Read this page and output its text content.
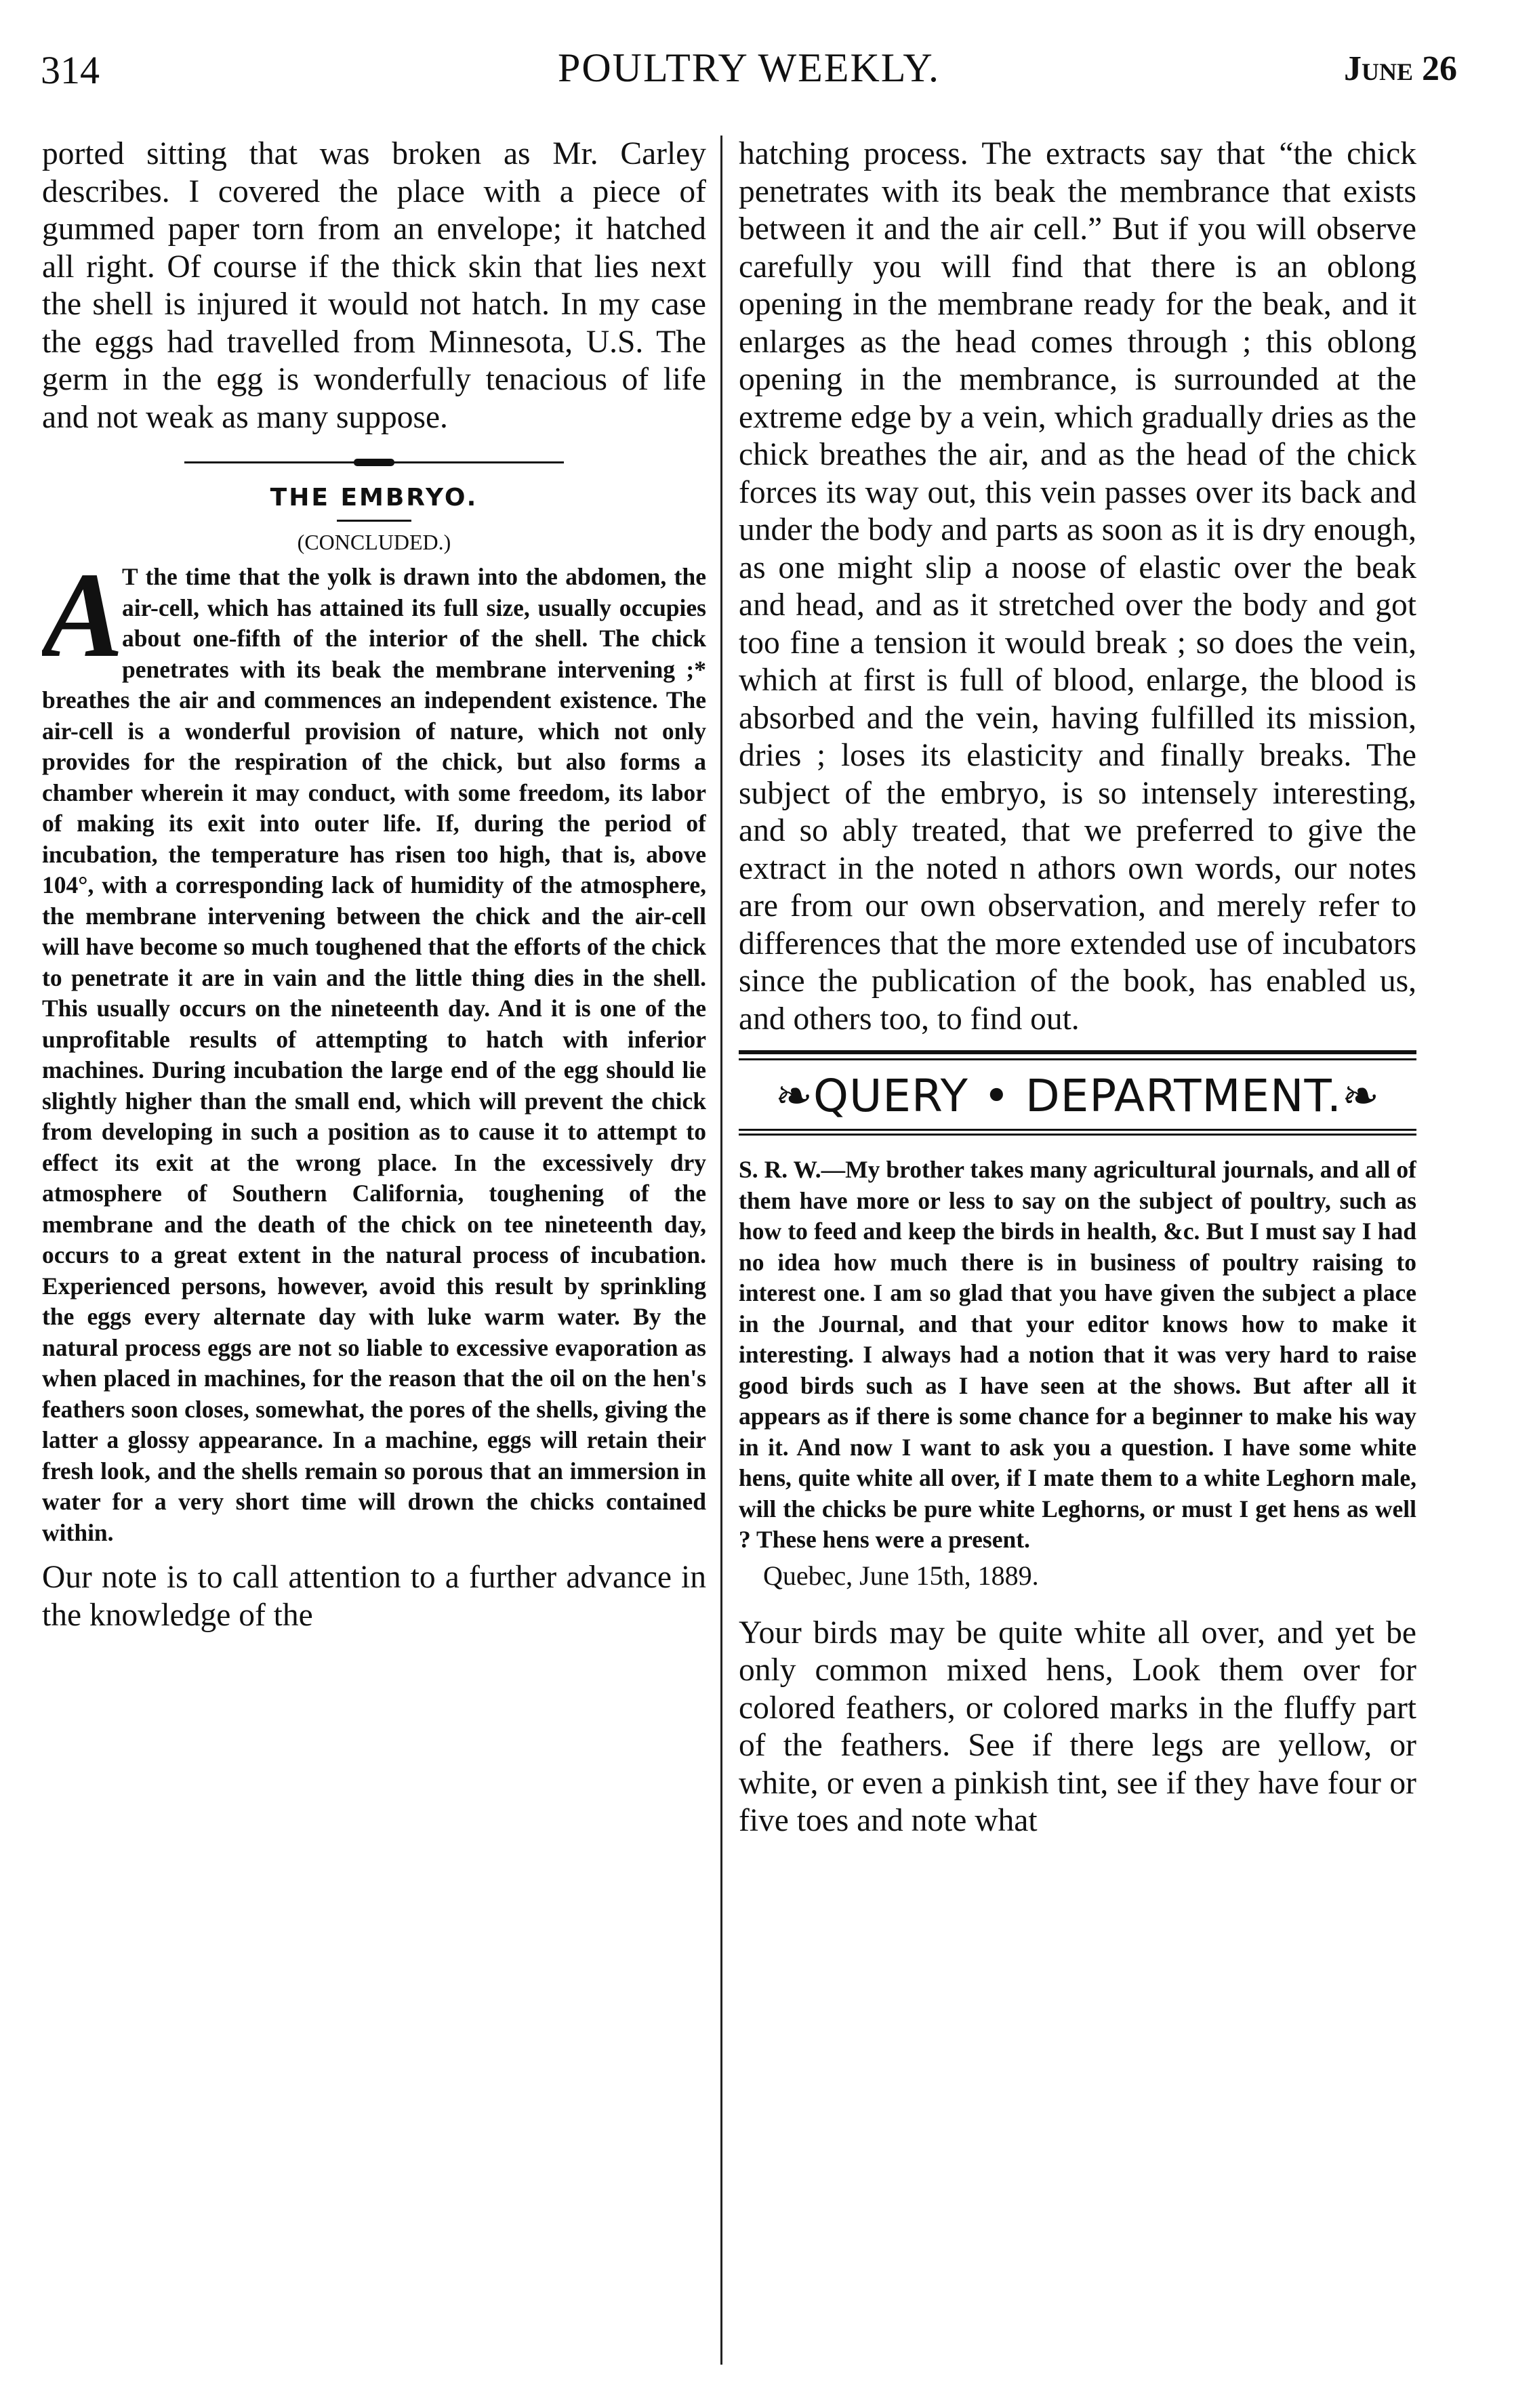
314	POULTRY WEEKLY.	June 26

ported sitting that was broken as Mr. Carley describes. I covered the place with a piece of gummed paper torn from an envelope; it hatched all right. Of course if the thick skin that lies next the shell is injured it would not hatch. In my case the eggs had travelled from Minnesota, U.S. The germ in the egg is wonderfully tenacious of life and not weak as many suppose.

THE EMBRYO.
(CONCLUDED.)
A

T the time that the yolk is drawn into the abdomen, the air-cell, which has attained its full size, usually occupies about one-fifth of the interior of the shell. The chick penetrates with its beak the membrane intervening ;* breathes the air and commences an independent existence. The air-cell is a wonderful provision of nature, which not only provides for the respiration of the chick, but also forms a chamber wherein it may conduct, with some freedom, its labor of making its exit into outer life. If, during the period of incubation, the temperature has risen too high, that is, above 104°, with a corresponding lack of humidity of the atmosphere, the membrane intervening between the chick and the air-cell will have become so much toughened that the efforts of the chick to penetrate it are in vain and the little thing dies in the shell. This usually occurs on the nineteenth day. And it is one of the unprofitable results of attempting to hatch with inferior machines. During incubation the large end of the egg should lie slightly higher than the small end, which will prevent the chick from developing in such a position as to cause it to attempt to effect its exit at the wrong place. In the excessively dry atmosphere of Southern California, toughening of the membrane and the death of the chick on tee nineteenth day, occurs to a great extent in the natural process of incubation. Experienced persons, however, avoid this result by sprinkling the eggs every alternate day with luke warm water. By the natural process eggs are not so liable to excessive evaporation as when placed in machines, for the reason that the oil on the hen's feathers soon closes, somewhat, the pores of the shells, giving the latter a glossy appearance. In a machine, eggs will retain their fresh look, and the shells remain so porous that an immersion in water for a very short time will drown the chicks contained within.

Our note is to call attention to a further advance in the knowledge of the

hatching process. The extracts say that “the chick penetrates with its beak the membrance that exists between it and the air cell.” But if you will observe carefully you will find that there is an oblong opening in the membrane ready for the beak, and it enlarges as the head comes through ; this oblong opening in the membrance, is surrounded at the extreme edge by a vein, which gradually dries as the chick breathes the air, and as the head of the chick forces its way out, this vein passes over its back and under the body and parts as soon as it is dry enough, as one might slip a noose of elastic over the beak and head, and as it stretched over the body and got too fine a tension it would break ; so does the vein, which at first is full of blood, enlarge, the blood is absorbed and the vein, having fulfilled its mission, dries ; loses its elasticity and finally breaks. The subject of the embryo, is so intensely interesting, and so ably treated, that we preferred to give the extract in the noted n athors own words, our notes are from our own observation, and merely refer to differences that the more extended use of incubators since the publication of the book, has enabled us, and others too, to find out.

❧QUERY • DEPARTMENT.❧

S. R. W.—My brother takes many agricultural journals, and all of them have more or less to say on the subject of poultry, such as how to feed and keep the birds in health, &c. But I must say I had no idea how much there is in business of poultry raising to interest one. I am so glad that you have given the subject a place in the Journal, and that your editor knows how to make it interesting. I always had a notion that it was very hard to raise good birds such as I have seen at the shows. But after all it appears as if there is some chance for a beginner to make his way in it. And now I want to ask you a question. I have some white hens, quite white all over, if I mate them to a white Leghorn male, will the chicks be pure white Leghorns, or must I get hens as well ? These hens were a present.

Quebec, June 15th, 1889.

Your birds may be quite white all over, and yet be only common mixed hens, Look them over for colored feathers, or colored marks in the fluffy part of the feathers. See if there legs are yellow, or white, or even a pinkish tint, see if they have four or five toes and note what
